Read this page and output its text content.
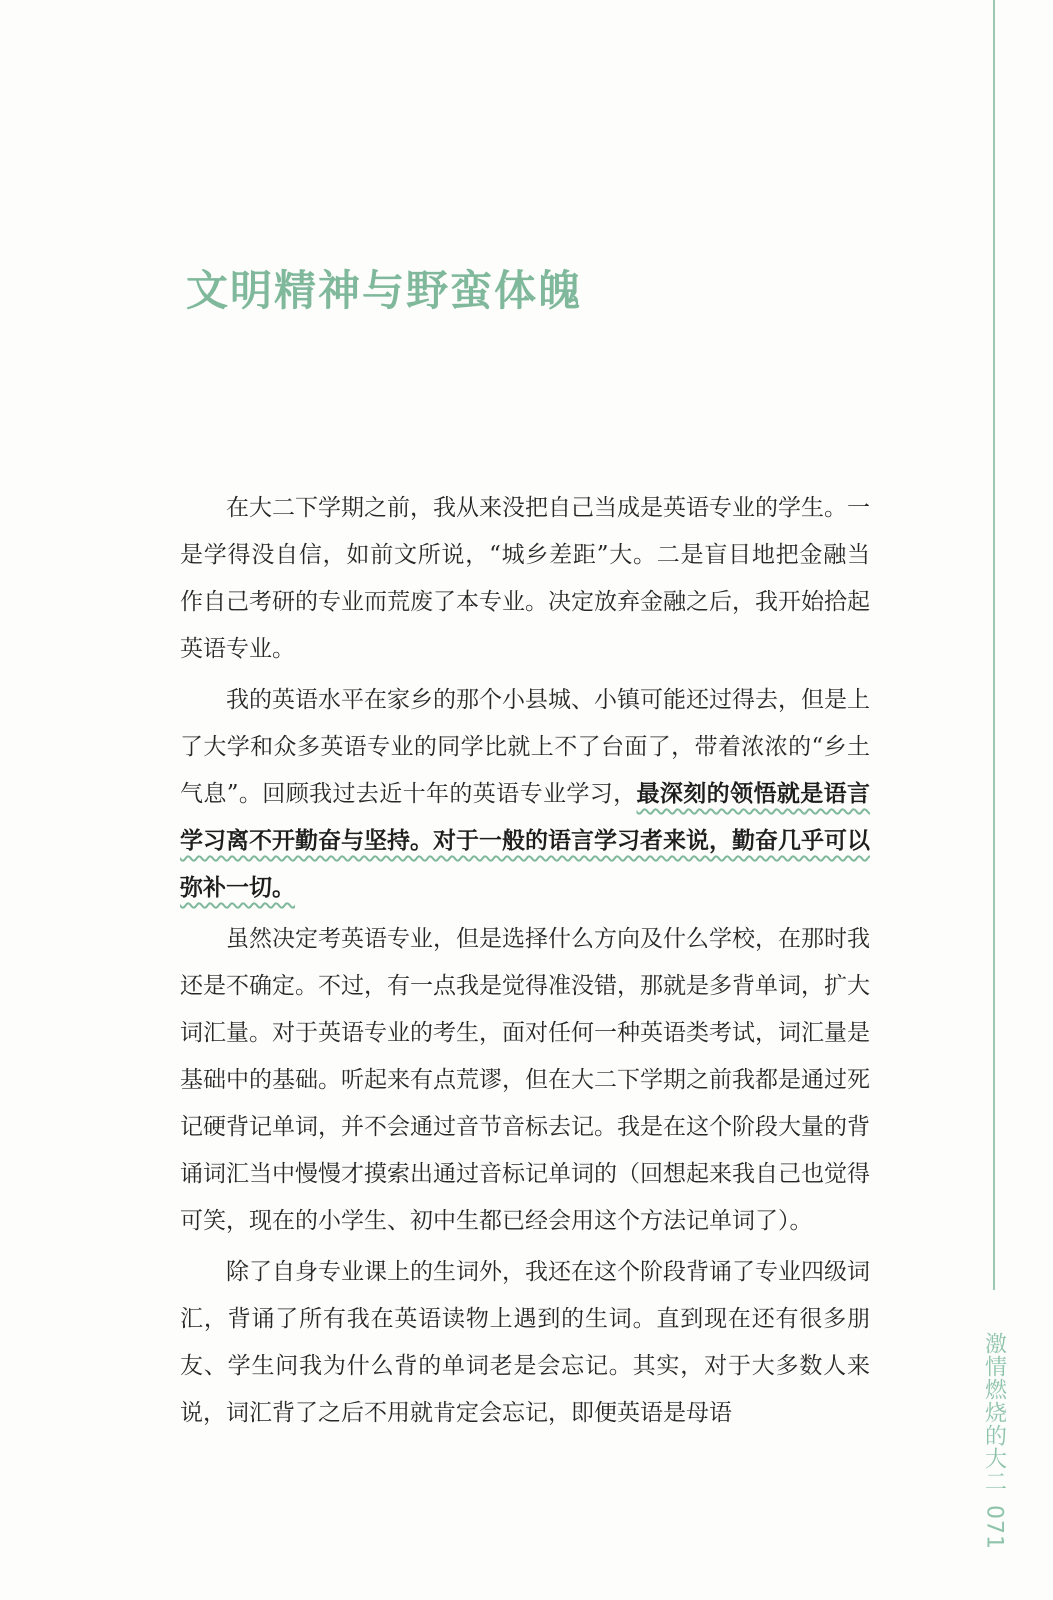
文明精神与野蛮体魄

在大二下学期之前，我从来没把自己当成是英语专业的学生。一是学得没自信，如前文所说，“城乡差距”大。二是盲目地把金融当作自己考研的专业而荒废了本专业。决定放弃金融之后，我开始拾起英语专业。

我的英语水平在家乡的那个小县城、小镇可能还过得去，但是上了大学和众多英语专业的同学比就上不了台面了，带着浓浓的“乡土气息”。回顾我过去近十年的英语专业学习，最深刻的领悟就是语言学习离不开勤奋与坚持。对于一般的语言学习者来说，勤奋几乎可以弥补一切。

虽然决定考英语专业，但是选择什么方向及什么学校，在那时我还是不确定。不过，有一点我是觉得准没错，那就是多背单词，扩大词汇量。对于英语专业的考生，面对任何一种英语类考试，词汇量是基础中的基础。听起来有点荒谬，但在大二下学期之前我都是通过死记硬背记单词，并不会通过音节音标去记。我是在这个阶段大量的背诵词汇当中慢慢才摸索出通过音标记单词的（回想起来我自己也觉得可笑，现在的小学生、初中生都已经会用这个方法记单词了）。

除了自身专业课上的生词外，我还在这个阶段背诵了专业四级词汇，背诵了所有我在英语读物上遇到的生词。直到现在还有很多朋友、学生问我为什么背的单词老是会忘记。其实，对于大多数人来说，词汇背了之后不用就肯定会忘记，即便英语是母语	激情燃烧的大二
071
